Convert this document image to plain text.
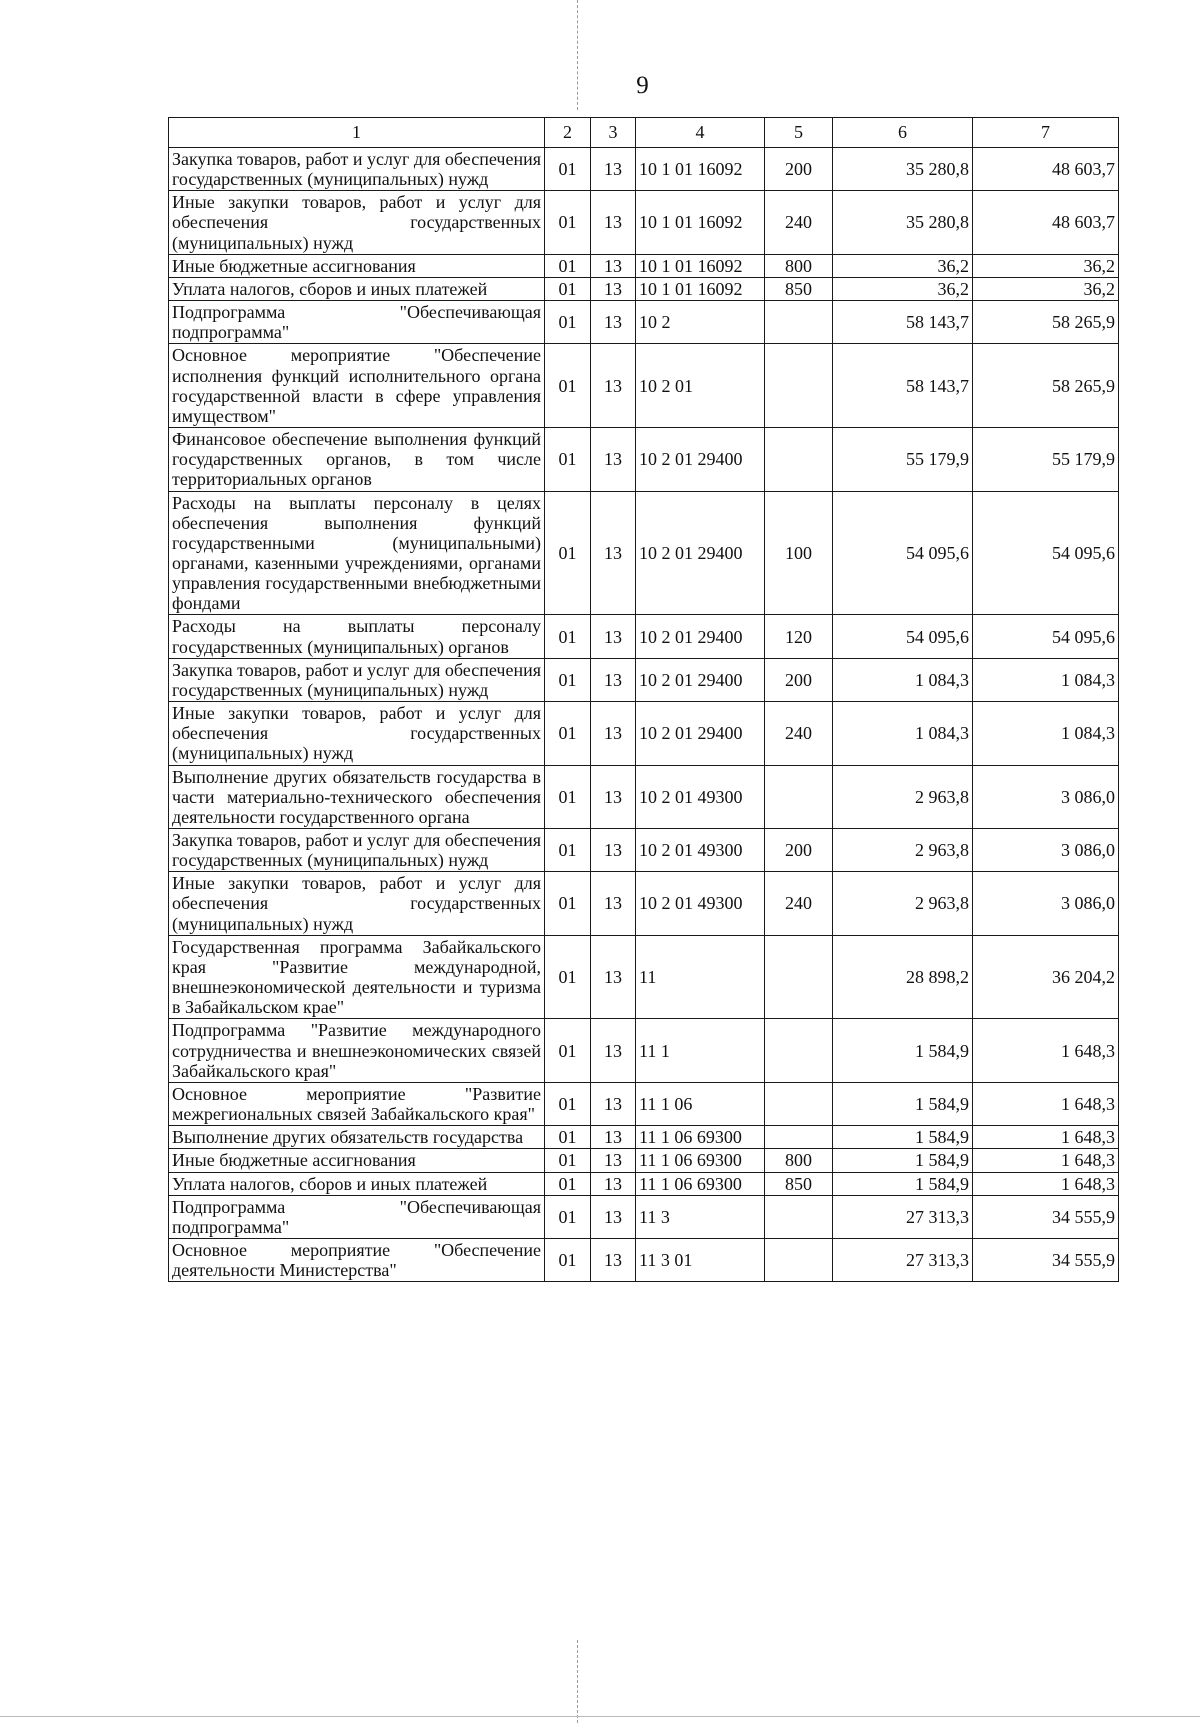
9
1	2	3	4	5	6	7
Закупка товаров, работ и услуг для обеспечения государственных (муниципальных) нужд	01	13	10 1 01 16092	200	35 280,8	48 603,7
Иные закупки товаров, работ и услуг для обеспечения государственных (муниципальных) нужд	01	13	10 1 01 16092	240	35 280,8	48 603,7
Иные бюджетные ассигнования	01	13	10 1 01 16092	800	36,2	36,2
Уплата налогов, сборов и иных платежей	01	13	10 1 01 16092	850	36,2	36,2
Подпрограмма "Обеспечивающая подпрограмма"	01	13	10 2		58 143,7	58 265,9
Основное мероприятие "Обеспечение исполнения функций исполнительного органа государственной власти в сфере управления имуществом"	01	13	10 2 01		58 143,7	58 265,9
Финансовое обеспечение выполнения функций государственных органов, в том числе территориальных органов	01	13	10 2 01 29400		55 179,9	55 179,9
Расходы на выплаты персоналу в целях обеспечения выполнения функций государственными (муниципальными) органами, казенными учреждениями, органами управления государственными внебюджетными фондами	01	13	10 2 01 29400	100	54 095,6	54 095,6
Расходы на выплаты персоналу государственных (муниципальных) органов	01	13	10 2 01 29400	120	54 095,6	54 095,6
Закупка товаров, работ и услуг для обеспечения государственных (муниципальных) нужд	01	13	10 2 01 29400	200	1 084,3	1 084,3
Иные закупки товаров, работ и услуг для обеспечения государственных (муниципальных) нужд	01	13	10 2 01 29400	240	1 084,3	1 084,3
Выполнение других обязательств государства в части материально-технического обеспечения деятельности государственного органа	01	13	10 2 01 49300		2 963,8	3 086,0
Закупка товаров, работ и услуг для обеспечения государственных (муниципальных) нужд	01	13	10 2 01 49300	200	2 963,8	3 086,0
Иные закупки товаров, работ и услуг для обеспечения государственных (муниципальных) нужд	01	13	10 2 01 49300	240	2 963,8	3 086,0
Государственная программа Забайкальского края "Развитие международной, внешнеэкономической деятельности и туризма в Забайкальском крае"	01	13	11		28 898,2	36 204,2
Подпрограмма "Развитие международного сотрудничества и внешнеэкономических связей Забайкальского края"	01	13	11 1		1 584,9	1 648,3
Основное мероприятие "Развитие межрегиональных связей Забайкальского края"	01	13	11 1 06		1 584,9	1 648,3
Выполнение других обязательств государства	01	13	11 1 06 69300		1 584,9	1 648,3
Иные бюджетные ассигнования	01	13	11 1 06 69300	800	1 584,9	1 648,3
Уплата налогов, сборов и иных платежей	01	13	11 1 06 69300	850	1 584,9	1 648,3
Подпрограмма "Обеспечивающая подпрограмма"	01	13	11 3		27 313,3	34 555,9
Основное мероприятие "Обеспечение деятельности Министерства"	01	13	11 3 01		27 313,3	34 555,9
